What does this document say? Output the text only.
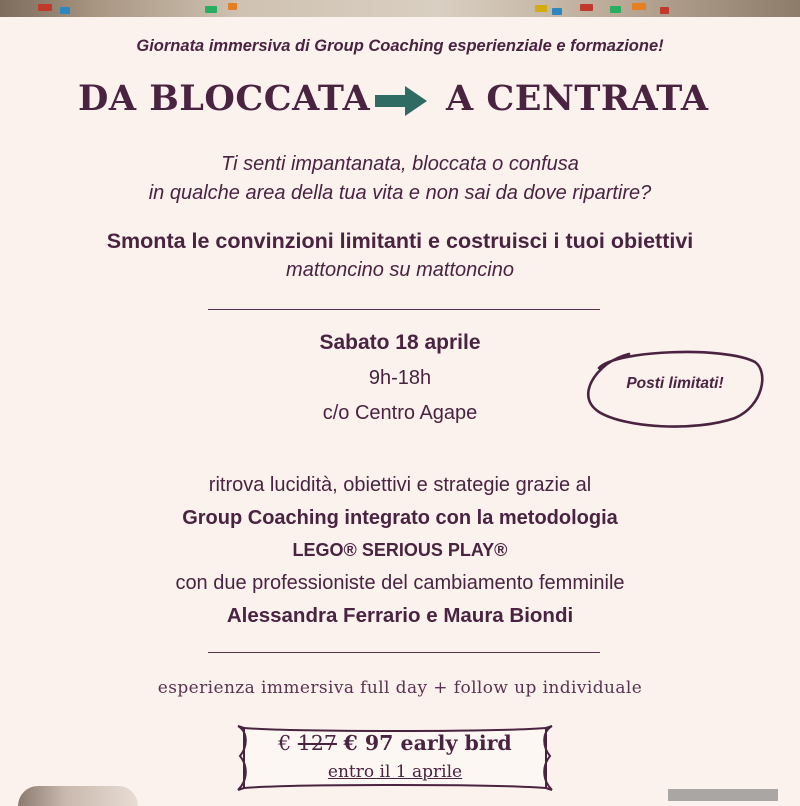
Giornata immersiva di Group Coaching esperienziale e formazione!
DA BLOCCATA A CENTRATA
Ti senti impantanata, bloccata o confusa
in qualche area della tua vita e non sai da dove ripartire?
Smonta le convinzioni limitanti e costruisci i tuoi obiettivi
mattoncino su mattoncino
Sabato 18 aprile
9h-18h
c/o Centro Agape
Posti limitati!
ritrova lucidità, obiettivi e strategie grazie al
Group Coaching integrato con la metodologia
LEGO® SERIOUS PLAY®
con due professioniste del cambiamento femminile
Alessandra Ferrario e Maura Biondi
esperienza immersiva full day + follow up individuale
€ 127 € 97 early bird
entro il 1 aprile
